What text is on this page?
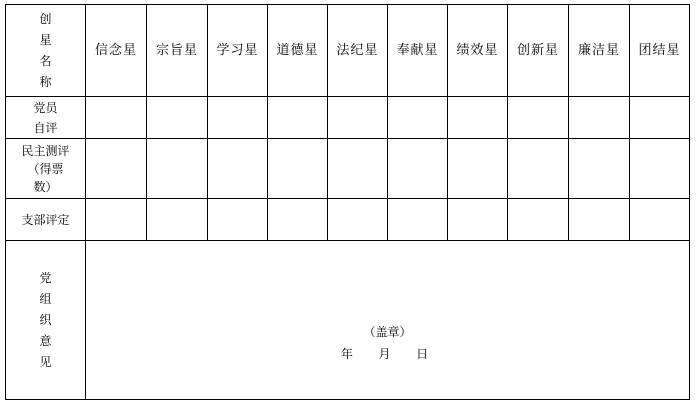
创星名称	信念星	宗旨星	学习星	道德星	法纪星	奉献星	绩效星	创新星	廉洁星	团结星
党员自评										

民主测评
（得票
数）										

支部评定										
党组织意见	（盖章）
年  月  日									
